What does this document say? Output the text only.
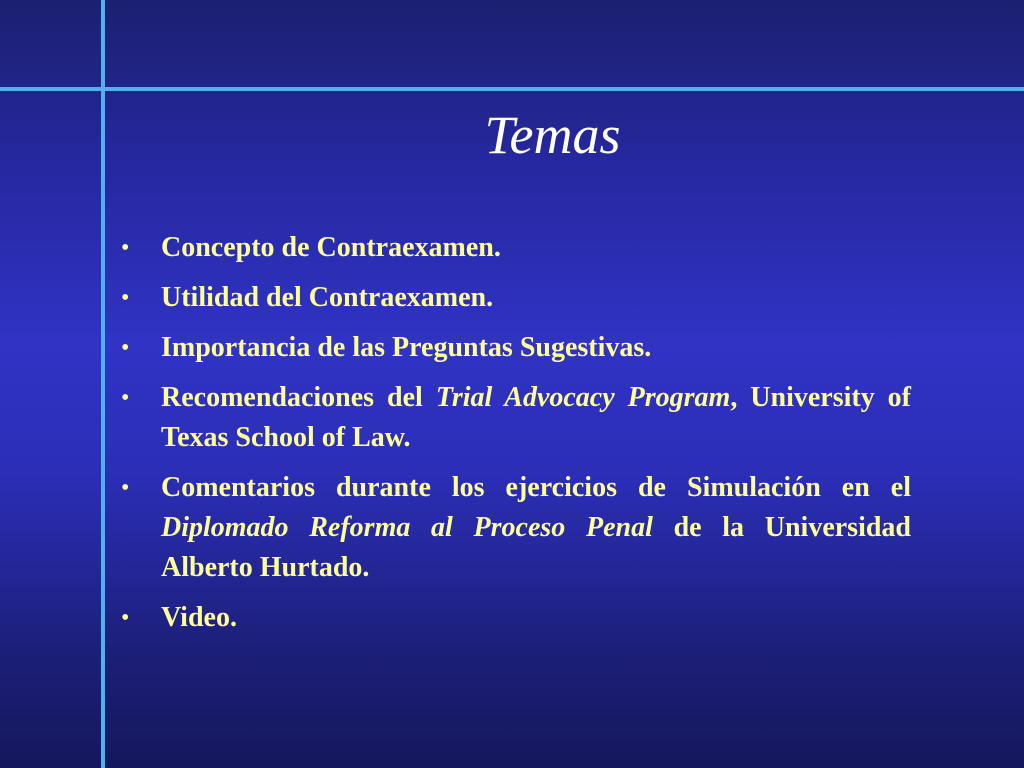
Temas
• Concepto de Contraexamen.
• Utilidad del Contraexamen.
• Importancia de las Preguntas Sugestivas.
• Recomendaciones del Trial Advocacy Program, University of Texas School of Law.
• Comentarios durante los ejercicios de Simulación en el Diplomado Reforma al Proceso Penal de la Universidad Alberto Hurtado.
• Video.
